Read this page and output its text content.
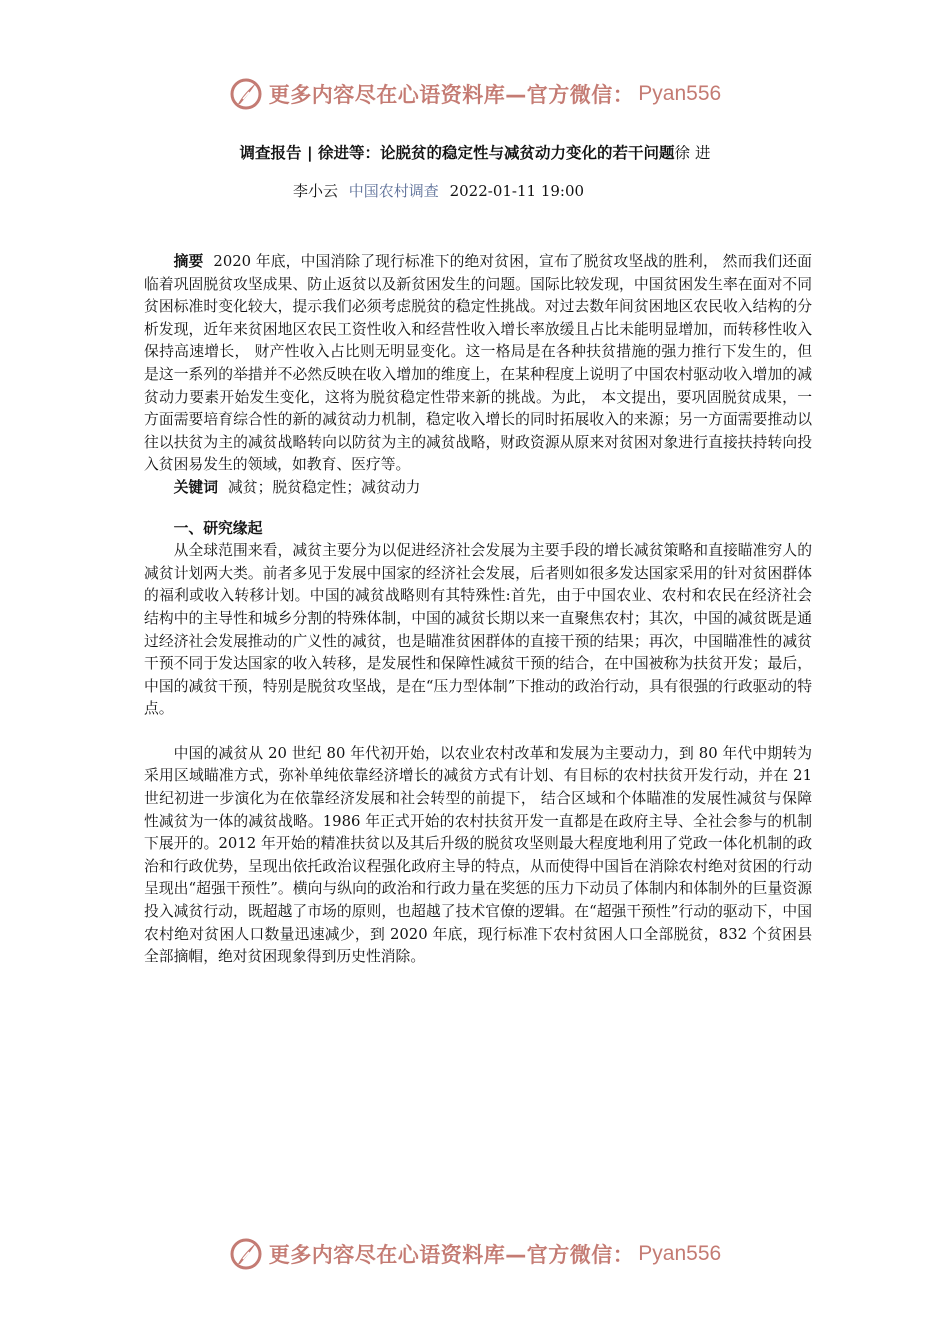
更多内容尽在心语资料库—官方微信： Pyan556
调查报告 | 徐进等：论脱贫的稳定性与减贫动力变化的若干问题徐 进
李小云 中国农村调查 2022-01-11 19:00

摘要 2020 年底，中国消除了现行标准下的绝对贫困，宣布了脱贫攻坚战的胜利， 然而我们还面临着巩固脱贫攻坚成果、防止返贫以及新贫困发生的问题。国际比较发现，中国贫困发生率在面对不同贫困标准时变化较大，提示我们必须考虑脱贫的稳定性挑战。对过去数年间贫困地区农民收入结构的分析发现，近年来贫困地区农民工资性收入和经营性收入增长率放缓且占比未能明显增加，而转移性收入保持高速增长， 财产性收入占比则无明显变化。这一格局是在各种扶贫措施的强力推行下发生的，但是这一系列的举措并不必然反映在收入增加的维度上，在某种程度上说明了中国农村驱动收入增加的减贫动力要素开始发生变化，这将为脱贫稳定性带来新的挑战。为此， 本文提出，要巩固脱贫成果，一方面需要培育综合性的新的减贫动力机制，稳定收入增长的同时拓展收入的来源；另一方面需要推动以往以扶贫为主的减贫战略转向以防贫为主的减贫战略，财政资源从原来对贫困对象进行直接扶持转向投入贫困易发生的领域，如教育、医疗等。

关键词 减贫；脱贫稳定性；减贫动力

一、研究缘起

从全球范围来看，减贫主要分为以促进经济社会发展为主要手段的增长减贫策略和直接瞄准穷人的减贫计划两大类。前者多见于发展中国家的经济社会发展，后者则如很多发达国家采用的针对贫困群体的福利或收入转移计划。中国的减贫战略则有其特殊性:首先，由于中国农业、农村和农民在经济社会结构中的主导性和城乡分割的特殊体制，中国的减贫长期以来一直聚焦农村；其次，中国的减贫既是通过经济社会发展推动的广义性的减贫，也是瞄准贫困群体的直接干预的结果；再次，中国瞄准性的减贫干预不同于发达国家的收入转移，是发展性和保障性减贫干预的结合，在中国被称为扶贫开发；最后，中国的减贫干预，特别是脱贫攻坚战，是在“压力型体制”下推动的政治行动，具有很强的行政驱动的特点。

中国的减贫从 20 世纪 80 年代初开始，以农业农村改革和发展为主要动力，到 80 年代中期转为采用区域瞄准方式，弥补单纯依靠经济增长的减贫方式有计划、有目标的农村扶贫开发行动，并在 21 世纪初进一步演化为在依靠经济发展和社会转型的前提下， 结合区域和个体瞄准的发展性减贫与保障性减贫为一体的减贫战略。1986 年正式开始的农村扶贫开发一直都是在政府主导、全社会参与的机制下展开的。2012 年开始的精准扶贫以及其后升级的脱贫攻坚则最大程度地利用了党政一体化机制的政治和行政优势，呈现出依托政治议程强化政府主导的特点，从而使得中国旨在消除农村绝对贫困的行动呈现出“超强干预性”。横向与纵向的政治和行政力量在奖惩的压力下动员了体制内和体制外的巨量资源投入减贫行动，既超越了市场的原则，也超越了技术官僚的逻辑。在“超强干预性”行动的驱动下，中国农村绝对贫困人口数量迅速减少，到 2020 年底，现行标准下农村贫困人口全部脱贫，832 个贫困县全部摘帽，绝对贫困现象得到历史性消除。

更多内容尽在心语资料库—官方微信： Pyan556
